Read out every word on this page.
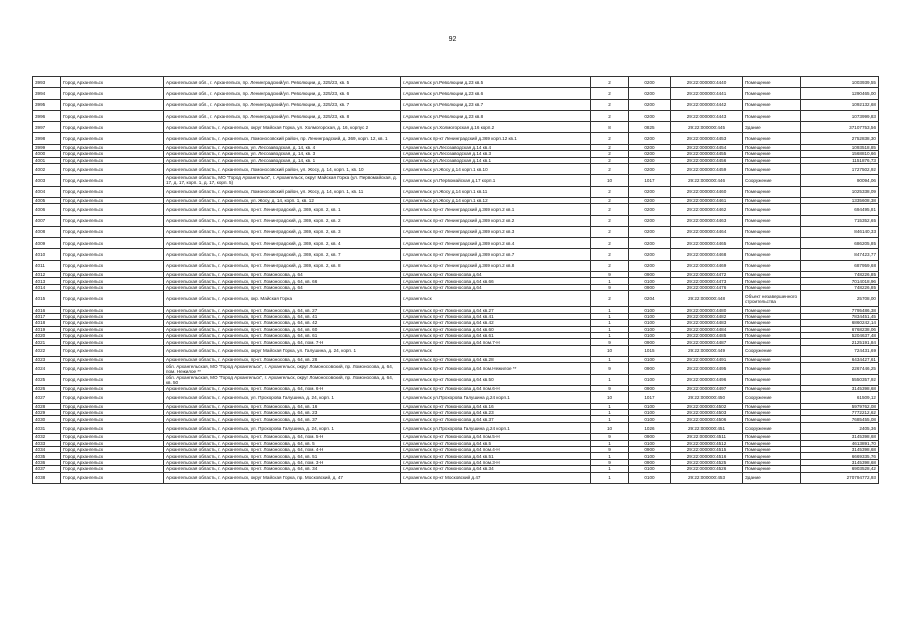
92
3993	Город Архангельск	Архангельская обл., г. Архангельск, пр. Ленинградский/ул. Революции, д. 325/23, кв. 5	г.Архангельск ул.Революции д.23 кв.5	2	0200	29:22:000000:4440	Помещение	1003939,55
3994	Город Архангельск	Архангельская обл., г. Архангельск, пр. Ленинградский/ул. Революции, д. 325/23, кв. 6	г.Архангельск ул.Революции д.23 кв.6	2	0200	29:22:000000:4441	Помещение	1290465,00
3995	Город Архангельск	Архангельская обл., г. Архангельск, пр. Ленинградский/ул. Революции, д. 325/23, кв. 7	г.Архангельск ул.Революции д.23 кв.7	2	0200	29:22:000000:4442	Помещение	1092132,68
3996	Город Архангельск	Архангельская обл., г. Архангельск, пр. Ленинградский/ул. Революции, д. 325/23, кв. 8	г.Архангельск ул.Революции д.23 кв.8	2	0200	29:22:000000:4443	Помещение	1073999,83
3997	Город Архангельск	Архангельская область, г. Архангельск, округ Майская Горка, ул. Холмогорская, д. 16, корпус 2	г.Архангельск ул.Холмогорская д.16 корп.2	8	0825	29:22:000000:445	Здание	37107753,56
3998	Город Архангельск	Архангельская область, г. Архангельск, Ломоносовский район, пр. Ленинградский, д. 369, корп. 12, кв. 1	г.Архангельск пр-кт Ленинградский д.369 корп.12 кв.1	2	0200	29:22:000000:4453	Помещение	2752838,30
3999	Город Архангельск	Архангельская область, г. Архангельск, ул. Лесозаводская, д. 14, кв. 4	г.Архангельск ул.Лесозаводская д.14 кв.4	2	0200	29:22:000000:4454	Помещение	1093518,85
4000	Город Архангельск	Архангельская область, г. Архангельск, ул. Лесозаводская, д. 14, кв. 3	г.Архангельск ул.Лесозаводская д.14 кв.3	2	0200	29:22:000000:4455	Помещение	1568810,66
4001	Город Архангельск	Архангельская область, г. Архангельск, ул. Лесозаводская, д. 14, кв. 1	г.Архангельск ул.Лесозаводская д.14 кв.1	2	0200	29:22:000000:4456	Помещение	1151876,73
4002	Город Архангельск	Архангельская область, г. Архангельск, Ломоносовский район, ул. Жосу, д. 14, корп. 1, кв. 10	г.Архангельск ул.Жосу д.14 корп.1 кв.10	2	0200	29:22:000000:4459	Помещение	1727502,92
4003	Город Архангельск	Архангельская область, МО "Город Архангельск", г. Архангельск, округ Майская Горка (ул. Первомайская, д. 17, д. 17, корп. 1, д. 17, корп. 5)	г.Архангельск ул.Первомайская д.17 корп.1	10	1017	29:22:000000:446	Сооружение	90094,06
4004	Город Архангельск	Архангельская область, г. Архангельск, Ломоносовский район, ул. Жосу, д. 14, корп. 1, кв. 11	г.Архангельск ул.Жосу д.14 корп.1 кв.11	2	0200	29:22:000000:4460	Помещение	1025338,09
4005	Город Архангельск	Архангельская область, г. Архангельск, ул. Жосу, д. 14, корп. 1, кв. 12	г.Архангельск ул.Жосу д.14 корп.1 кв.12	2	0200	29:22:000000:4461	Помещение	1335608,38
4006	Город Архангельск	Архангельская область, г. Архангельск, пр-кт. Ленинградский, д. 369, корп. 2, кв. 1	г.Архангельск пр-кт Ленинградский д.369 корп.2 кв.1	2	0200	29:22:000000:4462	Помещение	694495,81
4007	Город Архангельск	Архангельская область, г. Архангельск, пр-кт. Ленинградский, д. 369, корп. 2, кв. 2	г.Архангельск пр-кт Ленинградский д.369 корп.2 кв.2	2	0200	29:22:000000:4463	Помещение	715352,65
4008	Город Архангельск	Архангельская область, г. Архангельск, пр-кт. Ленинградский, д. 369, корп. 2, кв. 3	г.Архангельск пр-кт Ленинградский д.369 корп.2 кв.3	2	0200	29:22:000000:4464	Помещение	846140,33
4009	Город Архангельск	Архангельская область, г. Архангельск, пр-кт. Ленинградский, д. 369, корп. 2, кв. 4	г.Архангельск пр-кт Ленинградский д.369 корп.2 кв.4	2	0200	29:22:000000:4465	Помещение	686205,85
4010	Город Архангельск	Архангельская область, г. Архангельск, пр-кт. Ленинградский, д. 369, корп. 2, кв. 7	г.Архангельск пр-кт Ленинградский д.369 корп.2 кв.7	2	0200	29:22:000000:4468	Помещение	847423,77
4011	Город Архангельск	Архангельская область, г. Архангельск, пр-кт. Ленинградский, д. 369, корп. 2, кв. 8	г.Архангельск пр-кт Ленинградский д.369 корп.2 кв.8	2	0200	29:22:000000:4469	Помещение	687959,68
4012	Город Архангельск	Архангельская область, г. Архангельск, пр-кт. Ломоносова, д. 64	г.Архангельск пр-кт Ломоносова д.64	9	0900	29:22:000000:4472	Помещение	748226,85
4013	Город Архангельск	Архангельская область, г. Архангельск, пр-кт. Ломоносова, д. 64, кв. 66	г.Архангельск пр-кт Ломоносова д.64 кв.66	1	0100	29:22:000000:4473	Помещение	7014018,96
4014	Город Архангельск	Архангельская область, г. Архангельск, пр-кт. Ломоносова, д. 64	г.Архангельск пр-кт Ломоносова д.64	9	0900	29:22:000000:4476	Помещение	748226,85
4015	Город Архангельск	Архангельская область, г. Архангельск, окр. Майская Горка	г.Архангельск	2	0204	29:22:000000:448	Объект незавершенного строительства	25708,00
4016	Город Архангельск	Архангельская область, г. Архангельск, пр-кт. Ломоносова, д. 64, кв. 27	г.Архангельск пр-кт Ломоносова д.64 кв.27	1	0100	29:22:000000:4480	Помещение	7795486,38
4017	Город Архангельск	Архангельская область, г. Архангельск, пр-кт. Ломоносова, д. 64, кв. 41	г.Архангельск пр-кт Ломоносова д.64 кв.41	1	0100	29:22:000000:4482	Помещение	7834451,45
4018	Город Архангельск	Архангельская область, г. Архангельск, пр-кт. Ломоносова, д. 64, кв. 42	г.Архангельск пр-кт Ломоносова д.64 кв.42	1	0100	29:22:000000:4483	Помещение	6860242,14
4019	Город Архангельск	Архангельская область, г. Архангельск, пр-кт. Ломоносова, д. 64, кв. 60	г.Архангельск пр-кт Ломоносова д.64 кв.60	1	0100	29:22:000000:4484	Помещение	6768238,06
4020	Город Архангельск	Архангельская область, г. Архангельск, пр-кт. Ломоносова, д. 64, кв. 61	г.Архангельск пр-кт Ломоносова д.64 кв.61	1	0100	29:22:000000:4485	Помещение	5204637,48
4021	Город Архангельск	Архангельская область, г. Архангельск, пр-кт. Ломоносова, д. 64, пом. 7-Н	г.Архангельск пр-кт Ломоносова д.64 пом.7-Н	9	0900	29:22:000000:4487	Помещение	2125191,84
4022	Город Архангельск	Архангельская область, г. Архангельск, округ Майская Горка, ул. Галушина, д. 24, корп. 1	г.Архангельск	10	1015	29:22:000000:449	Сооружение	724431,69
4023	Город Архангельск	Архангельская область, г. Архангельск, пр-кт. Ломоносова, д. 64, кв. 28	г.Архангельск пр-кт Ломоносова д.64 кв.28	1	0100	29:22:000000:4491	Помещение	6434427,61
4024	Город Архангельск	обл. Архангельская, МО "Город Архангельск", г. Архангельск, округ Ломоносовский, пр. Ломоносова, д. 64, пом. Нежилое **	г.Архангельск пр-кт Ломоносова д.64 пом.Нежилое **	9	0900	29:22:000000:4495	Помещение	2267446,25
4025	Город Архангельск	обл. Архангельская, МО "Город Архангельск", г. Архангельск, округ Ломоносовский, пр. Ломоносова, д. 64, кв. 50	г.Архангельск пр-кт Ломоносова д.64 кв.50	1	0100	29:22:000000:4496	Помещение	5550357,92
4026	Город Архангельск	Архангельская область, г. Архангельск, пр-кт. Ломоносова, д. 64, пом. 6-Н	г.Архангельск пр-кт Ломоносова д.64 пом.6-Н	9	0900	29:22:000000:4497	Помещение	3145398,68
4027	Город Архангельск	Архангельская область, г. Архангельск, ул. Прохорова Галушина, д. 24, корп. 1	г.Архангельск ул.Прохорова Галушина д.24 корп.1	10	1017	29:22:000000:450	Сооружение	61509,12
4028	Город Архангельск	Архангельская область, г. Архангельск, пр-кт. Ломоносова, д. 64, кв. 16	г.Архангельск пр-кт Ломоносова д.64 кв.16	1	0100	29:22:000000:4502	Помещение	5979762,08
4029	Город Архангельск	Архангельская область, г. Архангельск, пр-кт. Ломоносова, д. 64, кв. 23	г.Архангельск пр-кт Ломоносова д.64 кв.23	1	0100	29:22:000000:4503	Помещение	7772212,62
4030	Город Архангельск	Архангельская область, г. Архангельск, пр-кт. Ломоносова, д. 64, кв. 37	г.Архангельск пр-кт Ломоносова д.64 кв.37	1	0100	29:22:000000:4506	Помещение	7685455,08
4031	Город Архангельск	Архангельская область, г. Архангельск, ул. Прохорова Галушина, д. 24, корп. 1	г.Архангельск ул.Прохорова Галушина д.24 корп.1	10	1026	29:22:000000:451	Сооружение	2405,36
4032	Город Архангельск	Архангельская область, г. Архангельск, пр-кт. Ломоносова, д. 64, пом. 5-Н	г.Архангельск пр-кт Ломоносова д.64 пом.5-Н	9	0900	29:22:000000:4511	Помещение	3145398,68
4033	Город Архангельск	Архангельская область, г. Архангельск, пр-кт. Ломоносова, д. 64, кв. 5	г.Архангельск пр-кт Ломоносова д.64 кв.5	1	0100	29:22:000000:4512	Помещение	4613891,70
4034	Город Архангельск	Архангельская область, г. Архангельск, пр-кт. Ломоносова, д. 64, пом. 4-Н	г.Архангельск пр-кт Ломоносова д.64 пом.4-Н	9	0900	29:22:000000:4515	Помещение	3145398,68
4035	Город Архангельск	Архангельская область, г. Архангельск, пр-кт. Ломоносова, д. 64, кв. 51	г.Архангельск пр-кт Ломоносова д.64 кв.51	1	0100	29:22:000000:4516	Помещение	6669335,76
4036	Город Архангельск	Архангельская область, г. Архангельск, пр-кт. Ломоносова, д. 64, пом. 3-Н	г.Архангельск пр-кт Ломоносова д.64 пом.3-Н	9	0900	29:22:000000:4525	Помещение	3145398,68
4037	Город Архангельск	Архангельская область, г. Архангельск, пр-кт. Ломоносова, д. 64, кв. 34	г.Архангельск пр-кт Ломоносова д.64 кв.34	1	0100	29:22:000000:4526	Помещение	6903528,42
4038	Город Архангельск	Архангельская область, г. Архангельск, округ Майская Горка, пр. Московский, д. 47	г.Архангельск пр-кт Московский д.47	1	0100	29:22:000000:453	Здание	270794772,93
